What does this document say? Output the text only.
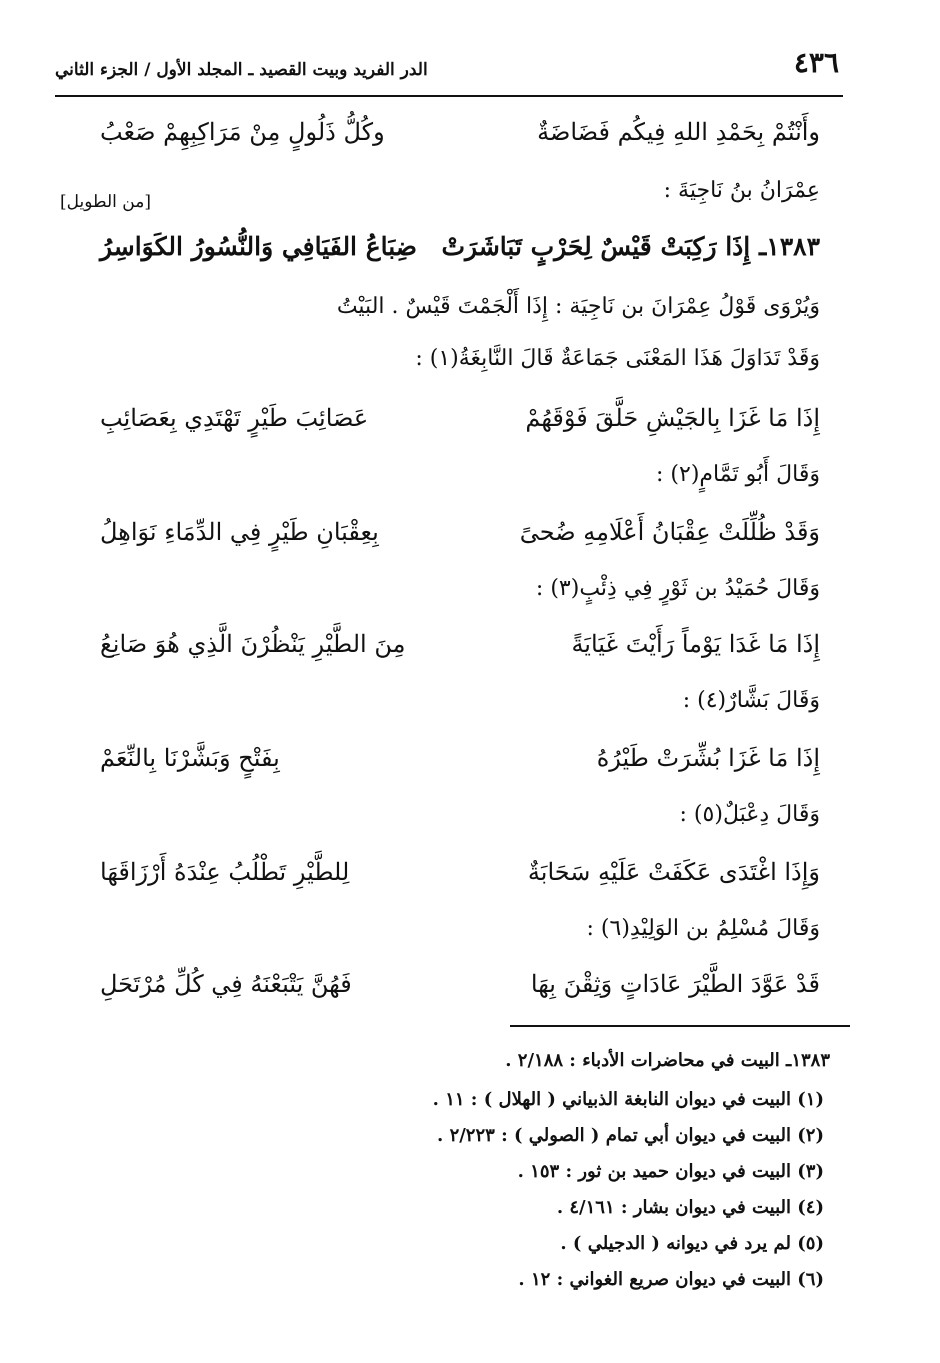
٤٣٦
الدر الفريد وبيت القصيد ـ المجلد الأول / الجزء الثاني
وأَنْتُمْ بِحَمْدِ اللهِ فِيكُم فَضَاضَةٌ
وكُلُّ ذَلُولٍ مِنْ مَرَاكِبِهِمْ صَعْبُ
عِمْرَانُ بنُ نَاجِيَةَ :
[من الطويل]
١٣٨٣ـ إِذَا رَكِبَتْ قَيْسٌ لِحَرْبٍ تَبَاشَرَتْ
ضِبَاعُ الفَيَافِي وَالنُّسُورُ الكَوَاسِرُ
وَيُرْوَى قَوْلُ عِمْرَانَ بن نَاجِيَة : إِذَا أَلْجَمْتَ قَيْسٌ . البَيْتُ
وَقَدْ تَدَاوَلَ هَذَا المَعْنَى جَمَاعَةٌ قَالَ النَّابِغَةُ(١) :
إِذَا مَا غَزَا بِالجَيْشِ حَلَّقَ فَوْقَهُمْ
عَصَائِبَ طَيْرٍ تَهْتَدِي بِعَصَائِبِ
وَقَالَ أَبُو تَمَّامٍ(٢) :
وَقَدْ ظُلِّلَتْ عِقْبَانُ أَعْلَامِهِ ضُحىً
بِعِقْبَانِ طَيْرٍ فِي الدِّمَاءِ نَوَاهِلُ
وَقَالَ حُمَيْدُ بن ثَوْرٍ فِي ذِئْبٍ(٣) :
إِذَا مَا غَدَا يَوْماً رَأَيْتَ غَيَايَةً
مِنَ الطَّيْرِ يَنْظُرْنَ الَّذِي هُوَ صَانِعُ
وَقَالَ بَشَّارٌ(٤) :
إِذَا مَا غَزَا بُشِّرَتْ طَيْرُهُ
بِفَتْحٍ وَبَشَّرْنَا بِالنِّعَمْ
وَقَالَ دِعْبَلٌ(٥) :
وَإِذَا اغْتَدَى عَكَفَتْ عَلَيْهِ سَحَابَةٌ
لِلطَّيْرِ تَطْلُبُ عِنْدَهُ أَرْزَاقَهَا
وَقَالَ مُسْلِمُ بن الوَلِيْدِ(٦) :
قَدْ عَوَّدَ الطَّيْرَ عَادَاتٍ وَثِقْنَ بِهَا
فَهُنَّ يَتْبَعْنَهُ فِي كُلِّ مُرْتَحَلِ
١٣٨٣ـ البيت في محاضرات الأدباء : ٢/١٨٨ .
(١) البيت في ديوان النابغة الذبياني ( الهلال ) : ١١ .
(٢) البيت في ديوان أبي تمام ( الصولي ) : ٢/٢٢٣ .
(٣) البيت في ديوان حميد بن ثور : ١٥٣ .
(٤) البيت في ديوان بشار : ٤/١٦١ .
(٥) لم يرد في ديوانه ( الدجيلي ) .
(٦) البيت في ديوان صريع الغواني : ١٢ .
